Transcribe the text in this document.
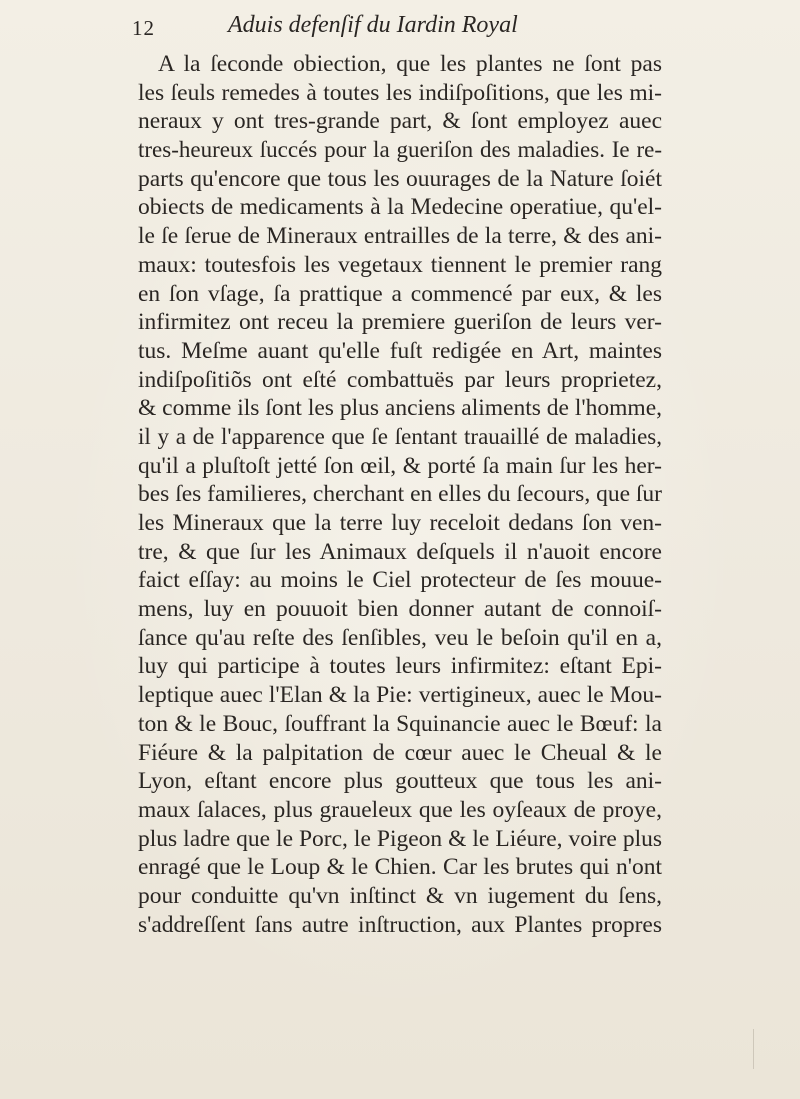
12	Aduis defenſif du Iardin Royal
A la ſeconde obiection, que les plantes ne ſont pas
les ſeuls remedes à toutes les indiſpoſitions, que les mi-
neraux y ont tres-grande part, & ſont employez auec
tres-heureux ſuccés pour la gueriſon des maladies. Ie re-
parts qu'encore que tous les ouurages de la Nature ſoiét
obiects de medicaments à la Medecine operatiue, qu'el-
le ſe ſerue de Mineraux entrailles de la terre, & des ani-
maux: toutesfois les vegetaux tiennent le premier rang
en ſon vſage, ſa prattique a commencé par eux, & les
infirmitez ont receu la premiere gueriſon de leurs ver-
tus. Meſme auant qu'elle fuſt redigée en Art, maintes
indiſpoſitiõs ont eſté combattuës par leurs proprietez,
& comme ils ſont les plus anciens aliments de l'homme,
il y a de l'apparence que ſe ſentant trauaillé de maladies,
qu'il a pluſtoſt jetté ſon œil, & porté ſa main ſur les her-
bes ſes familieres, cherchant en elles du ſecours, que ſur
les Mineraux que la terre luy receloit dedans ſon ven-
tre, & que ſur les Animaux deſquels il n'auoit encore
faict eſſay: au moins le Ciel protecteur de ſes mouue-
mens, luy en pouuoit bien donner autant de connoiſ-
ſance qu'au reſte des ſenſibles, veu le beſoin qu'il en a,
luy qui participe à toutes leurs infirmitez: eſtant Epi-
leptique auec l'Elan & la Pie: vertigineux, auec le Mou-
ton & le Bouc, ſouffrant la Squinancie auec le Bœuf: la
Fiéure & la palpitation de cœur auec le Cheual & le
Lyon, eſtant encore plus goutteux que tous les ani-
maux ſalaces, plus graueleux que les oyſeaux de proye,
plus ladre que le Porc, le Pigeon & le Liéure, voire plus
enragé que le Loup & le Chien. Car les brutes qui n'ont
pour conduitte qu'vn inſtinct & vn iugement du ſens,
s'addreſſent ſans autre inſtruction, aux Plantes propres
